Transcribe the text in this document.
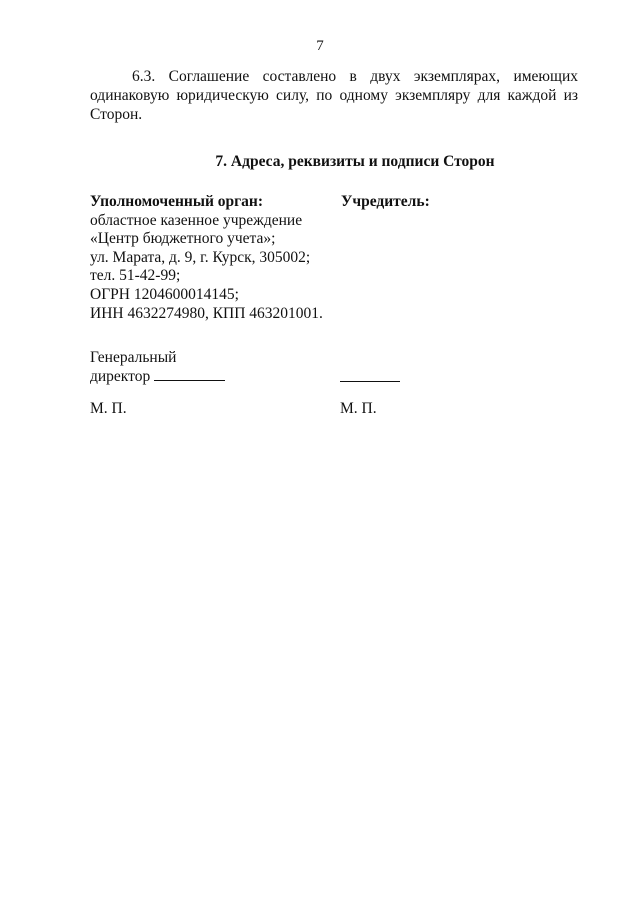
7
6.3. Соглашение составлено в двух экземплярах, имеющих одинаковую юридическую силу, по одному экземпляру для каждой из Сторон.
7. Адреса, реквизиты и подписи Сторон
Уполномоченный орган:
областное казенное учреждение
«Центр бюджетного учета»;
ул. Марата, д. 9, г. Курск, 305002;
тел. 51-42-99;
ОГРН 1204600014145;
ИНН 4632274980, КПП 463201001.
Учредитель:
Генеральный
директор
М. П.	М. П.
